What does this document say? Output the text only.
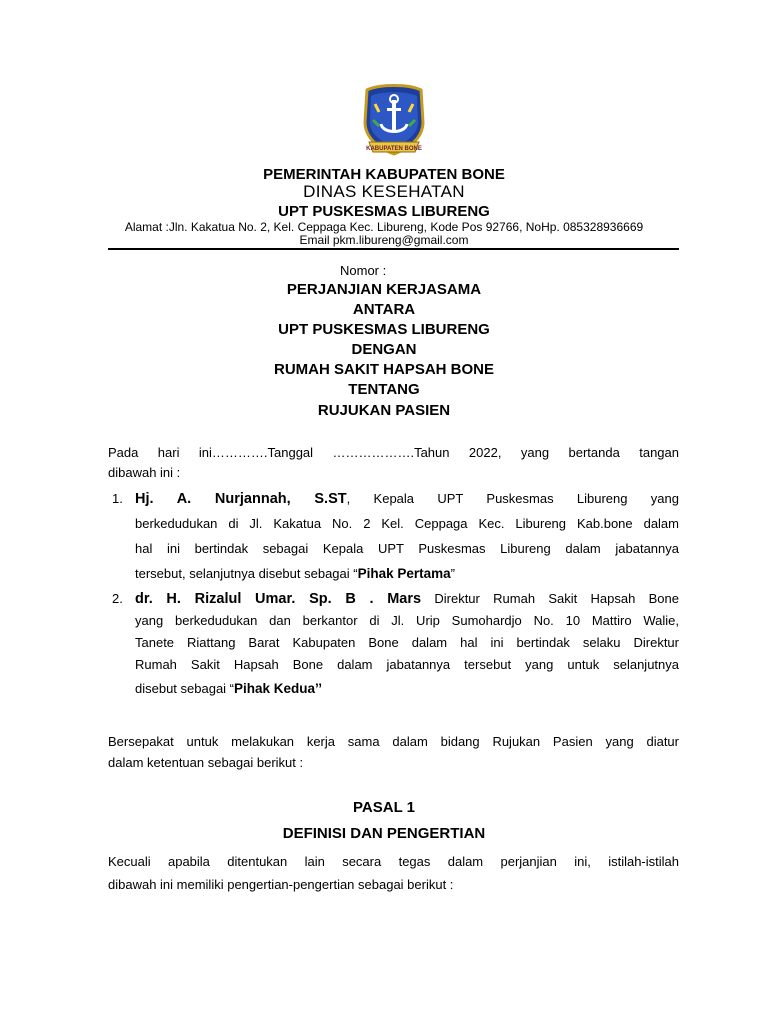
KABUPATEN BONE
PEMERINTAH KABUPATEN BONE
DINAS KESEHATAN
UPT PUSKESMAS LIBURENG
Alamat :Jln. Kakatua No. 2, Kel. Ceppaga Kec. Libureng, Kode Pos 92766, NoHp. 085328936669
Email pkm.libureng@gmail.com
Nomor :
PERJANJIAN KERJASAMA
ANTARA
UPT PUSKESMAS LIBURENG
DENGAN
RUMAH SAKIT HAPSAH BONE
TENTANG
RUJUKAN PASIEN
Pada hari ini………….Tanggal ……………….Tahun 2022, yang bertanda tangan
dibawah ini :
1. Hj. A. Nurjannah, S.ST, Kepala UPT Puskesmas Libureng yang
berkedudukan di Jl. Kakatua No. 2 Kel. Ceppaga Kec. Libureng Kab.bone dalam
hal ini bertindak sebagai Kepala UPT Puskesmas Libureng dalam jabatannya
tersebut, selanjutnya disebut sebagai “Pihak Pertama”
2. dr. H. Rizalul Umar. Sp. B . Mars Direktur Rumah Sakit Hapsah Bone
yang berkedudukan dan berkantor di Jl. Urip Sumohardjo No. 10 Mattiro Walie,
Tanete Riattang Barat Kabupaten Bone dalam hal ini bertindak selaku Direktur
Rumah Sakit Hapsah Bone dalam jabatannya tersebut yang untuk selanjutnya
disebut sebagai “Pihak Kedua’’
Bersepakat untuk melakukan kerja sama dalam bidang Rujukan Pasien yang diatur
dalam ketentuan sebagai berikut :
PASAL 1
DEFINISI DAN PENGERTIAN
Kecuali apabila ditentukan lain secara tegas dalam perjanjian ini, istilah-istilah
dibawah ini memiliki pengertian-pengertian sebagai berikut :
